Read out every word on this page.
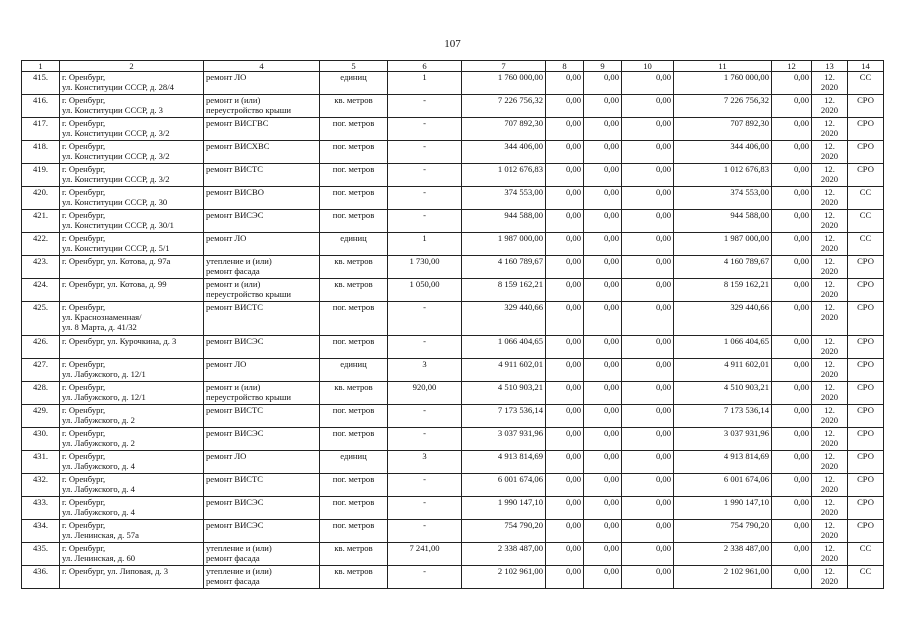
107
1	2	4	5	6	7	8	9	10	11	12	13	14
415.	г. Оренбург,
ул. Конституции СССР, д. 28/4	ремонт ЛО	единиц	1	1 760 000,00	0,00	0,00	0,00	1 760 000,00	0,00	12.
2020	СС
416.	г. Оренбург,
ул. Конституции СССР, д. 3	ремонт и (или)
переустройство крыши	кв. метров	-	7 226 756,32	0,00	0,00	0,00	7 226 756,32	0,00	12.
2020	СРО
417.	г. Оренбург,
ул. Конституции СССР, д. 3/2	ремонт ВИСГВС	пог. метров	-	707 892,30	0,00	0,00	0,00	707 892,30	0,00	12.
2020	СРО
418.	г. Оренбург,
ул. Конституции СССР, д. 3/2	ремонт ВИСХВС	пог. метров	-	344 406,00	0,00	0,00	0,00	344 406,00	0,00	12.
2020	СРО
419.	г. Оренбург,
ул. Конституции СССР, д. 3/2	ремонт ВИСТС	пог. метров	-	1 012 676,83	0,00	0,00	0,00	1 012 676,83	0,00	12.
2020	СРО
420.	г. Оренбург,
ул. Конституции СССР, д. 30	ремонт ВИСВО	пог. метров	-	374 553,00	0,00	0,00	0,00	374 553,00	0,00	12.
2020	СС
421.	г. Оренбург,
ул. Конституции СССР, д. 30/1	ремонт ВИСЭС	пог. метров	-	944 588,00	0,00	0,00	0,00	944 588,00	0,00	12.
2020	СС
422.	г. Оренбург,
ул. Конституции СССР, д. 5/1	ремонт ЛО	единиц	1	1 987 000,00	0,00	0,00	0,00	1 987 000,00	0,00	12.
2020	СС
423.	г. Оренбург, ул. Котова, д. 97а	утепление и (или)
ремонт фасада	кв. метров	1 730,00	4 160 789,67	0,00	0,00	0,00	4 160 789,67	0,00	12.
2020	СРО
424.	г. Оренбург, ул. Котова, д. 99	ремонт и (или)
переустройство крыши	кв. метров	1 050,00	8 159 162,21	0,00	0,00	0,00	8 159 162,21	0,00	12.
2020	СРО
425.	г. Оренбург,
ул. Краснознаменная/
ул. 8 Марта, д. 41/32	ремонт ВИСТС	пог. метров	-	329 440,66	0,00	0,00	0,00	329 440,66	0,00	12.
2020	СРО
426.	г. Оренбург, ул. Курочкина, д. 3	ремонт ВИСЭС	пог. метров	-	1 066 404,65	0,00	0,00	0,00	1 066 404,65	0,00	12.
2020	СРО
427.	г. Оренбург,
ул. Лабужского, д. 12/1	ремонт ЛО	единиц	3	4 911 602,01	0,00	0,00	0,00	4 911 602,01	0,00	12.
2020	СРО
428.	г. Оренбург,
ул. Лабужского, д. 12/1	ремонт и (или)
переустройство крыши	кв. метров	920,00	4 510 903,21	0,00	0,00	0,00	4 510 903,21	0,00	12.
2020	СРО
429.	г. Оренбург,
ул. Лабужского, д. 2	ремонт ВИСТС	пог. метров	-	7 173 536,14	0,00	0,00	0,00	7 173 536,14	0,00	12.
2020	СРО
430.	г. Оренбург,
ул. Лабужского, д. 2	ремонт ВИСЭС	пог. метров	-	3 037 931,96	0,00	0,00	0,00	3 037 931,96	0,00	12.
2020	СРО
431.	г. Оренбург,
ул. Лабужского, д. 4	ремонт ЛО	единиц	3	4 913 814,69	0,00	0,00	0,00	4 913 814,69	0,00	12.
2020	СРО
432.	г. Оренбург,
ул. Лабужского, д. 4	ремонт ВИСТС	пог. метров	-	6 001 674,06	0,00	0,00	0,00	6 001 674,06	0,00	12.
2020	СРО
433.	г. Оренбург,
ул. Лабужского, д. 4	ремонт ВИСЭС	пог. метров	-	1 990 147,10	0,00	0,00	0,00	1 990 147,10	0,00	12.
2020	СРО
434.	г. Оренбург,
ул. Ленинская, д. 57а	ремонт ВИСЭС	пог. метров	-	754 790,20	0,00	0,00	0,00	754 790,20	0,00	12.
2020	СРО
435.	г. Оренбург,
ул. Ленинская, д. 60	утепление и (или)
ремонт фасада	кв. метров	7 241,00	2 338 487,00	0,00	0,00	0,00	2 338 487,00	0,00	12.
2020	СС
436.	г. Оренбург, ул. Липовая, д. 3	утепление и (или)
ремонт фасада	кв. метров	-	2 102 961,00	0,00	0,00	0,00	2 102 961,00	0,00	12.
2020	СС
